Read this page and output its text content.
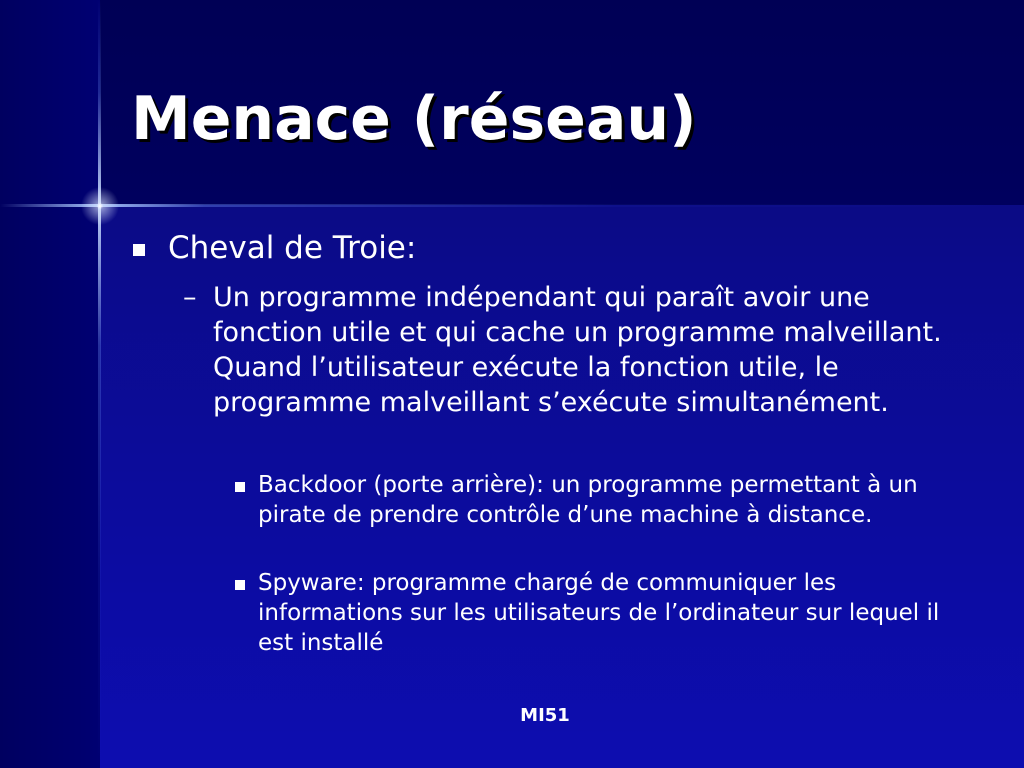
Menace (réseau)
Cheval de Troie:
– Un programme indépendant qui paraît avoir une fonction utile et qui cache un programme malveillant. Quand l’utilisateur exécute la fonction utile, le programme malveillant s’exécute simultanément.
Backdoor (porte arrière): un programme permettant à un pirate de prendre contrôle d’une machine à distance.
Spyware: programme chargé de communiquer les informations sur les utilisateurs de l’ordinateur sur lequel il est installé
MI51
